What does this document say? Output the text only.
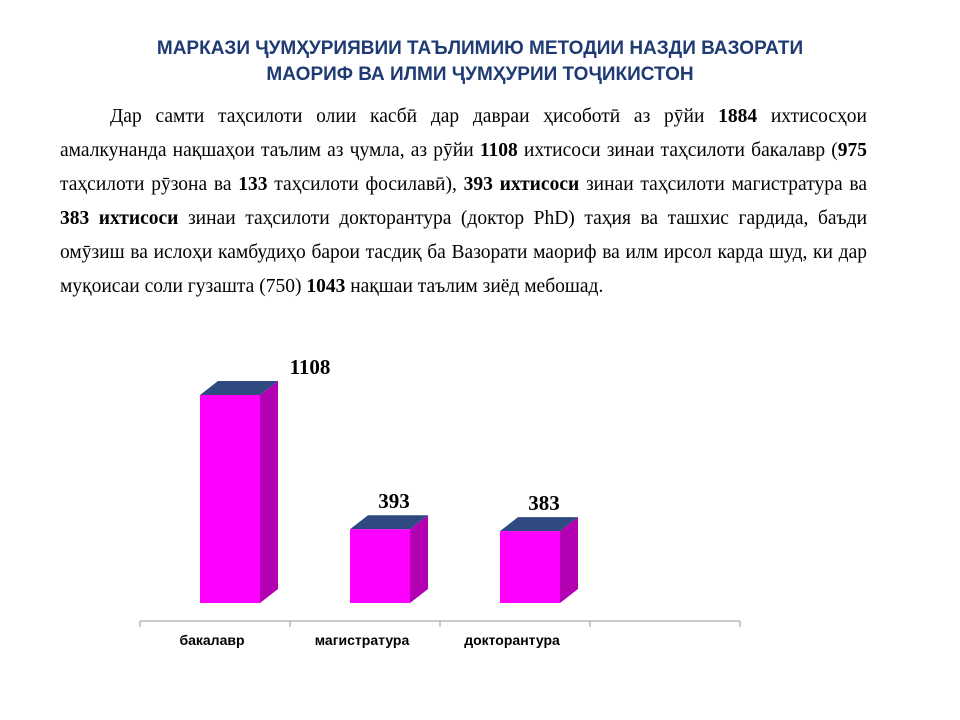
МАРКАЗИ ҶУМҲУРИЯВИИ ТАЪЛИМИЮ МЕТОДИИ НАЗДИ ВАЗОРАТИ
МАОРИФ ВА ИЛМИ ҶУМҲУРИИ ТОҶИКИСТОН
Дар самти таҳсилоти олии касбӣ дар давраи ҳисоботӣ аз рӯйи 1884 ихтисосҳои амалкунанда нақшаҳои таълим аз ҷумла, аз рӯйи 1108 ихтисоси зинаи таҳсилоти бакалавр (975 таҳсилоти рӯзона ва 133 таҳсилоти фосилавӣ), 393 ихтисоси зинаи таҳсилоти магистратура ва 383 ихтисоси зинаи таҳсилоти докторантура (доктор PhD) таҳия ва ташхис гардида, баъди омӯзиш ва ислоҳи камбудиҳо барои тасдиқ ба Вазорати маориф ва илм ирсол карда шуд, ки дар муқоисаи соли гузашта (750) 1043 нақшаи таълим зиёд мебошад.
1108
бакалавр
393
магистратура
383
докторантура
